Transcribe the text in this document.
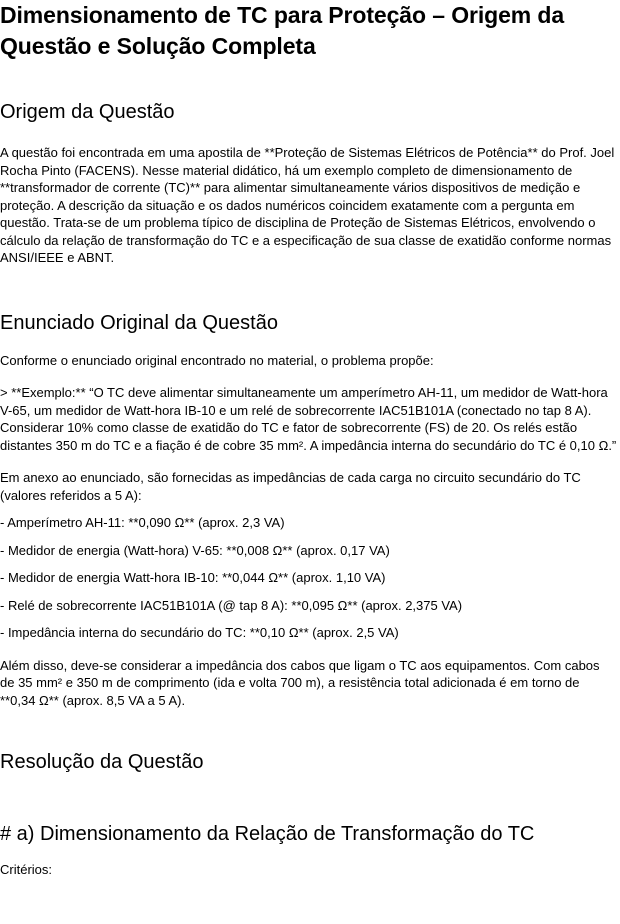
Dimensionamento de TC para Proteção – Origem da Questão e Solução Completa
Origem da Questão

A questão foi encontrada em uma apostila de **Proteção de Sistemas Elétricos de Potência** do Prof. Joel Rocha Pinto (FACENS). Nesse material didático, há um exemplo completo de dimensionamento de **transformador de corrente (TC)** para alimentar simultaneamente vários dispositivos de medição e proteção. A descrição da situação e os dados numéricos coincidem exatamente com a pergunta em questão. Trata-se de um problema típico de disciplina de Proteção de Sistemas Elétricos, envolvendo o cálculo da relação de transformação do TC e a especificação de sua classe de exatidão conforme normas ANSI/IEEE e ABNT.

Enunciado Original da Questão

Conforme o enunciado original encontrado no material, o problema propõe:

> **Exemplo:** “O TC deve alimentar simultaneamente um amperímetro AH-11, um medidor de Watt-hora V-65, um medidor de Watt-hora IB-10 e um relé de sobrecorrente IAC51B101A (conectado no tap 8 A). Considerar 10% como classe de exatidão do TC e fator de sobrecorrente (FS) de 20. Os relés estão distantes 350 m do TC e a fiação é de cobre 35 mm². A impedância interna do secundário do TC é 0,10 Ω.”

Em anexo ao enunciado, são fornecidas as impedâncias de cada carga no circuito secundário do TC (valores referidos a 5 A):

- Amperímetro AH-11: **0,090 Ω** (aprox. 2,3 VA)

- Medidor de energia (Watt-hora) V-65: **0,008 Ω** (aprox. 0,17 VA)

- Medidor de energia Watt-hora IB-10: **0,044 Ω** (aprox. 1,10 VA)

- Relé de sobrecorrente IAC51B101A (@ tap 8 A): **0,095 Ω** (aprox. 2,375 VA)

- Impedância interna do secundário do TC: **0,10 Ω** (aprox. 2,5 VA)

Além disso, deve-se considerar a impedância dos cabos que ligam o TC aos equipamentos. Com cabos de 35 mm² e 350 m de comprimento (ida e volta 700 m), a resistência total adicionada é em torno de **0,34 Ω** (aprox. 8,5 VA a 5 A).

Resolução da Questão
# a) Dimensionamento da Relação de Transformação do TC

Critérios:
